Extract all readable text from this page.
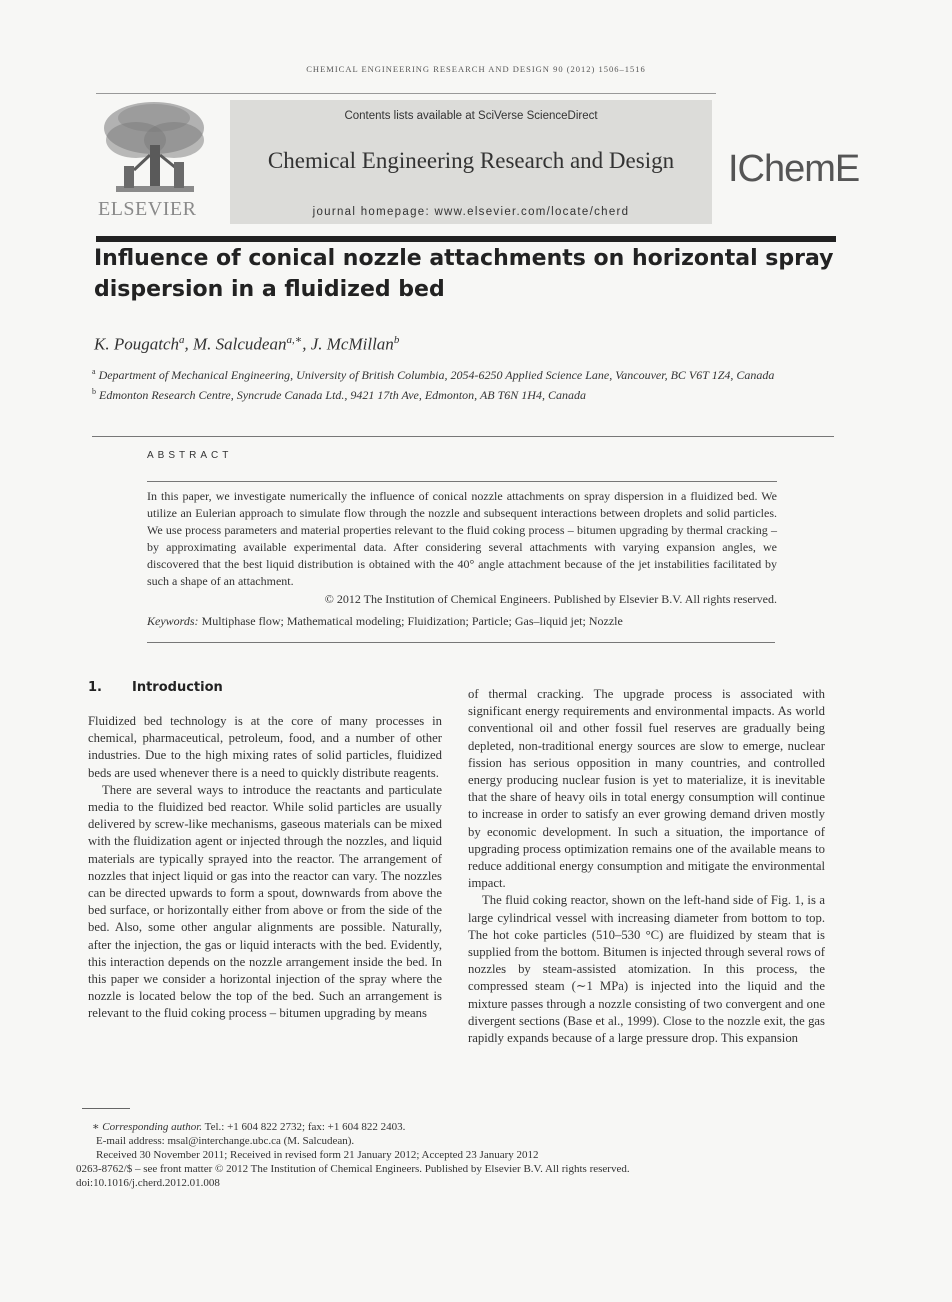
CHEMICAL ENGINEERING RESEARCH AND DESIGN 90 (2012) 1506–1516
ELSEVIER
Contents lists available at SciVerse ScienceDirect
Chemical Engineering Research and Design
journal homepage: www.elsevier.com/locate/cherd
IChemE
Influence of conical nozzle attachments on horizontal spray dispersion in a fluidized bed
K. Pougatch$^a$, M. Salcudean$^{a,∗}$, J. McMillan$^b$
$^a$ Department of Mechanical Engineering, University of British Columbia, 2054-6250 Applied Science Lane, Vancouver, BC V6T 1Z4, Canada
$^b$ Edmonton Research Centre, Syncrude Canada Ltd., 9421 17th Ave, Edmonton, AB T6N 1H4, Canada
ABSTRACT
In this paper, we investigate numerically the influence of conical nozzle attachments on spray dispersion in a fluidized bed. We utilize an Eulerian approach to simulate flow through the nozzle and subsequent interactions between droplets and solid particles. We use process parameters and material properties relevant to the fluid coking process – bitumen upgrading by thermal cracking – by approximating available experimental data. After considering several attachments with varying expansion angles, we discovered that the best liquid distribution is obtained with the 40° angle attachment because of the jet instabilities facilitated by such a shape of an attachment.
© 2012 The Institution of Chemical Engineers. Published by Elsevier B.V. All rights reserved.
Keywords: Multiphase flow; Mathematical modeling; Fluidization; Particle; Gas–liquid jet; Nozzle
1. Introduction

Fluidized bed technology is at the core of many processes in chemical, pharmaceutical, petroleum, food, and a number of other industries. Due to the high mixing rates of solid particles, fluidized beds are used whenever there is a need to quickly distribute reagents.

There are several ways to introduce the reactants and particulate media to the fluidized bed reactor. While solid particles are usually delivered by screw-like mechanisms, gaseous materials can be mixed with the fluidization agent or injected through the nozzles, and liquid materials are typically sprayed into the reactor. The arrangement of nozzles that inject liquid or gas into the reactor can vary. The nozzles can be directed upwards to form a spout, downwards from above the bed surface, or horizontally either from above or from the side of the bed. Also, some other angular alignments are possible. Naturally, after the injection, the gas or liquid interacts with the bed. Evidently, this interaction depends on the nozzle arrangement inside the bed. In this paper we consider a horizontal injection of the spray where the nozzle is located below the top of the bed. Such an arrangement is relevant to the fluid coking process – bitumen upgrading by means

of thermal cracking. The upgrade process is associated with significant energy requirements and environmental impacts. As world conventional oil and other fossil fuel reserves are gradually being depleted, non-traditional energy sources are slow to emerge, nuclear fission has serious opposition in many countries, and controlled energy producing nuclear fusion is yet to materialize, it is inevitable that the share of heavy oils in total energy consumption will continue to increase in order to satisfy an ever growing demand driven mostly by economic development. In such a situation, the importance of upgrading process optimization remains one of the available means to reduce additional energy consumption and mitigate the environmental impact.

The fluid coking reactor, shown on the left-hand side of Fig. 1, is a large cylindrical vessel with increasing diameter from bottom to top. The hot coke particles (510–530 °C) are fluidized by steam that is supplied from the bottom. Bitumen is injected through several rows of nozzles by steam-assisted atomization. In this process, the compressed steam (∼1 MPa) is injected into the liquid and the mixture passes through a nozzle consisting of two convergent and one divergent sections (Base et al., 1999). Close to the nozzle exit, the gas rapidly expands because of a large pressure drop. This expansion

∗ Corresponding author. Tel.: +1 604 822 2732; fax: +1 604 822 2403.
E-mail address: msal@interchange.ubc.ca (M. Salcudean).
Received 30 November 2011; Received in revised form 21 January 2012; Accepted 23 January 2012
0263-8762/$ – see front matter © 2012 The Institution of Chemical Engineers. Published by Elsevier B.V. All rights reserved.
doi:10.1016/j.cherd.2012.01.008
